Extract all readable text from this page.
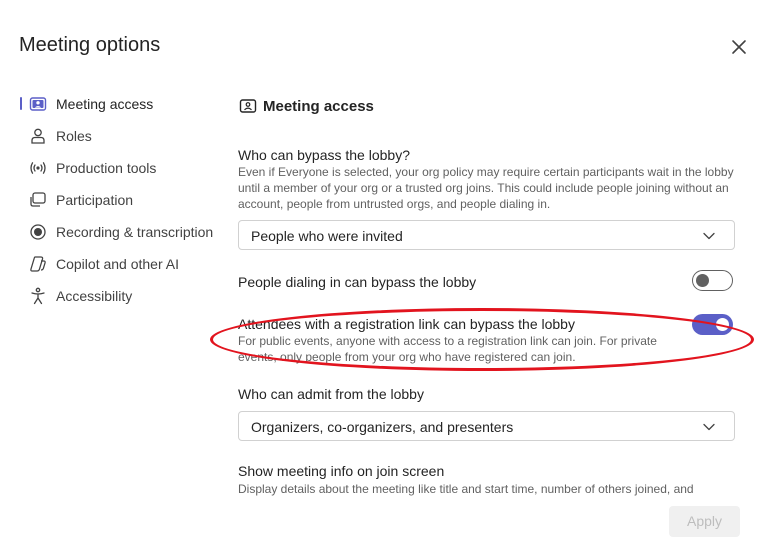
Meeting options
Meeting access
Roles
Production tools
Participation
Recording & transcription
Copilot and other AI
Accessibility
Meeting access
Who can bypass the lobby?
Even if Everyone is selected, your org policy may require certain participants wait in the lobby
until a member of your org or a trusted org joins. This could include people joining without an
account, people from untrusted orgs, and people dialing in.
People who were invited
People dialing in can bypass the lobby
Attendees with a registration link can bypass the lobby
For public events, anyone with access to a registration link can join. For private
events, only people from your org who have registered can join.
Who can admit from the lobby
Organizers, co-organizers, and presenters
Show meeting info on join screen
Display details about the meeting like title and start time, number of others joined, and
Apply
